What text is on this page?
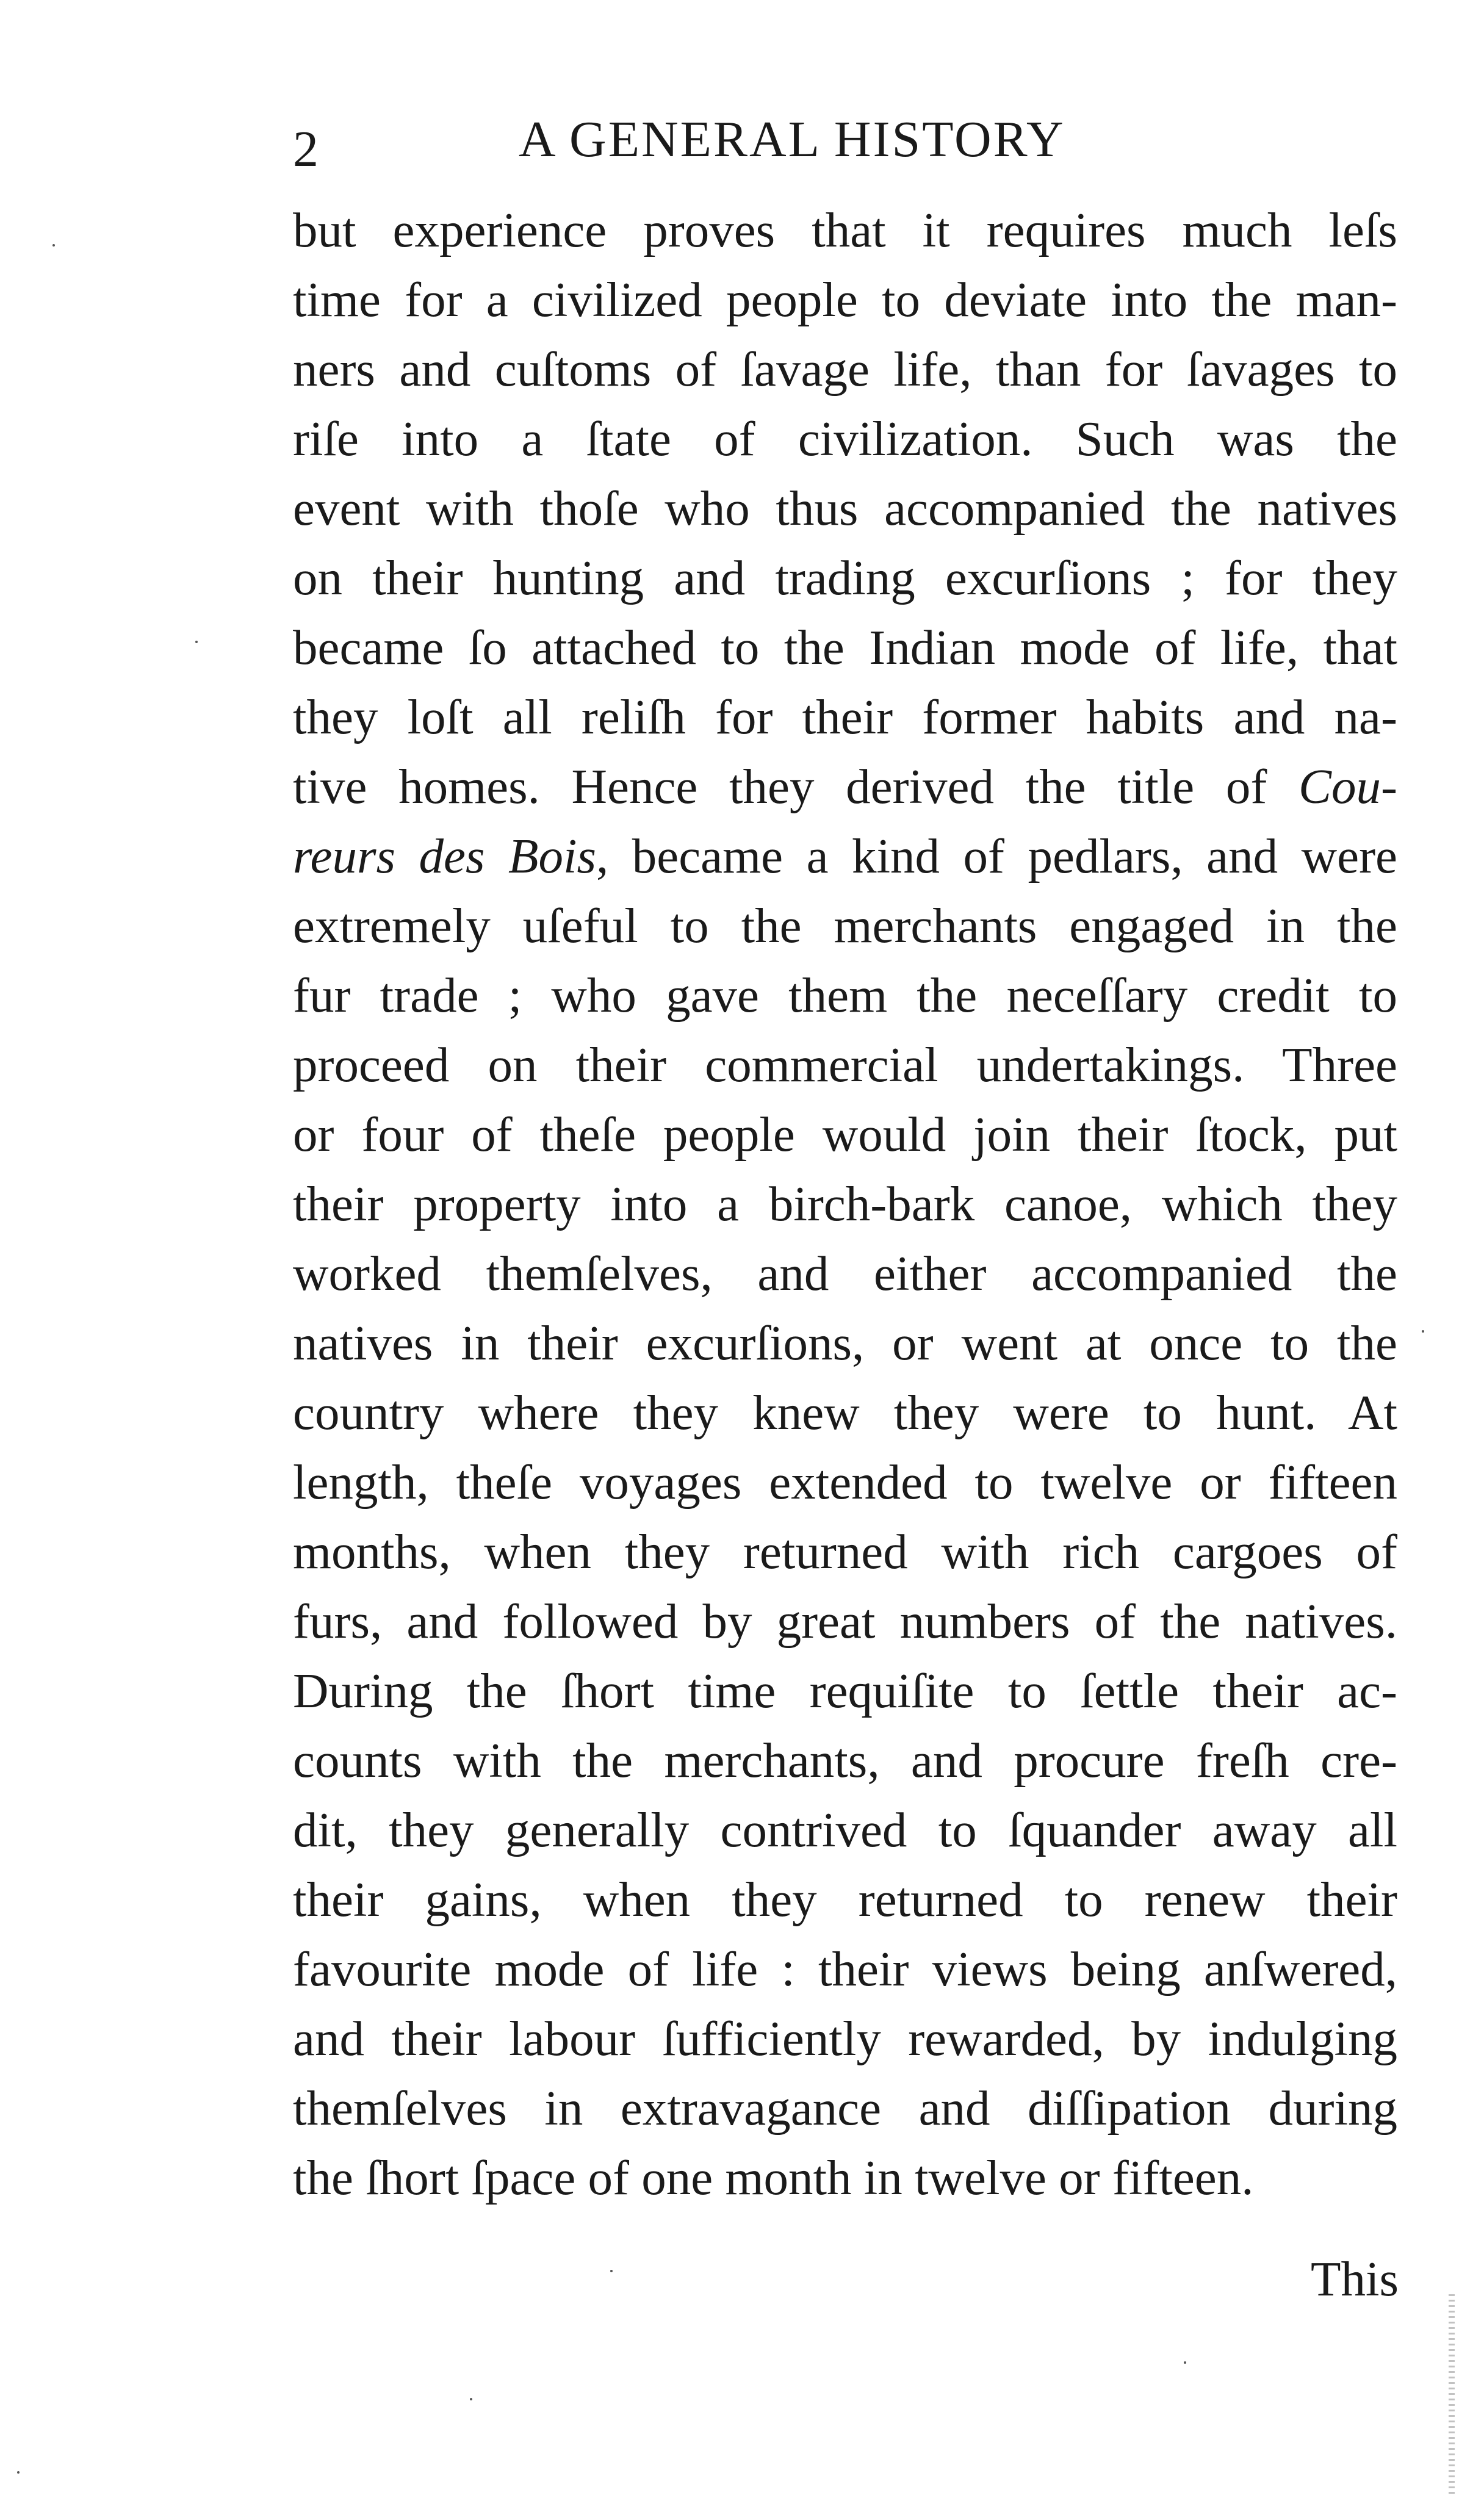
2	A GENERAL HISTORY
but experience proves that it requires much leſs
time for a civilized people to deviate into the man-
ners and cuſtoms of ſavage life, than for ſavages to
riſe into a ſtate of civilization. Such was the
event with thoſe who thus accompanied the natives
on their hunting and trading excurſions ; for they
became ſo attached to the Indian mode of life, that
they loſt all reliſh for their former habits and na-
tive homes. Hence they derived the title of Cou-
reurs des Bois, became a kind of pedlars, and were
extremely uſeful to the merchants engaged in the
fur trade ; who gave them the neceſſary credit to
proceed on their commercial undertakings. Three
or four of theſe people would join their ſtock, put
their property into a birch-bark canoe, which they
worked themſelves, and either accompanied the
natives in their excurſions, or went at once to the
country where they knew they were to hunt. At
length, theſe voyages extended to twelve or fifteen
months, when they returned with rich cargoes of
furs, and followed by great numbers of the natives.
During the ſhort time requiſite to ſettle their ac-
counts with the merchants, and procure freſh cre-
dit, they generally contrived to ſquander away all
their gains, when they returned to renew their
favourite mode of life : their views being anſwered,
and their labour ſufficiently rewarded, by indulging
themſelves in extravagance and diſſipation during
the ſhort ſpace of one month in twelve or fifteen.
This
